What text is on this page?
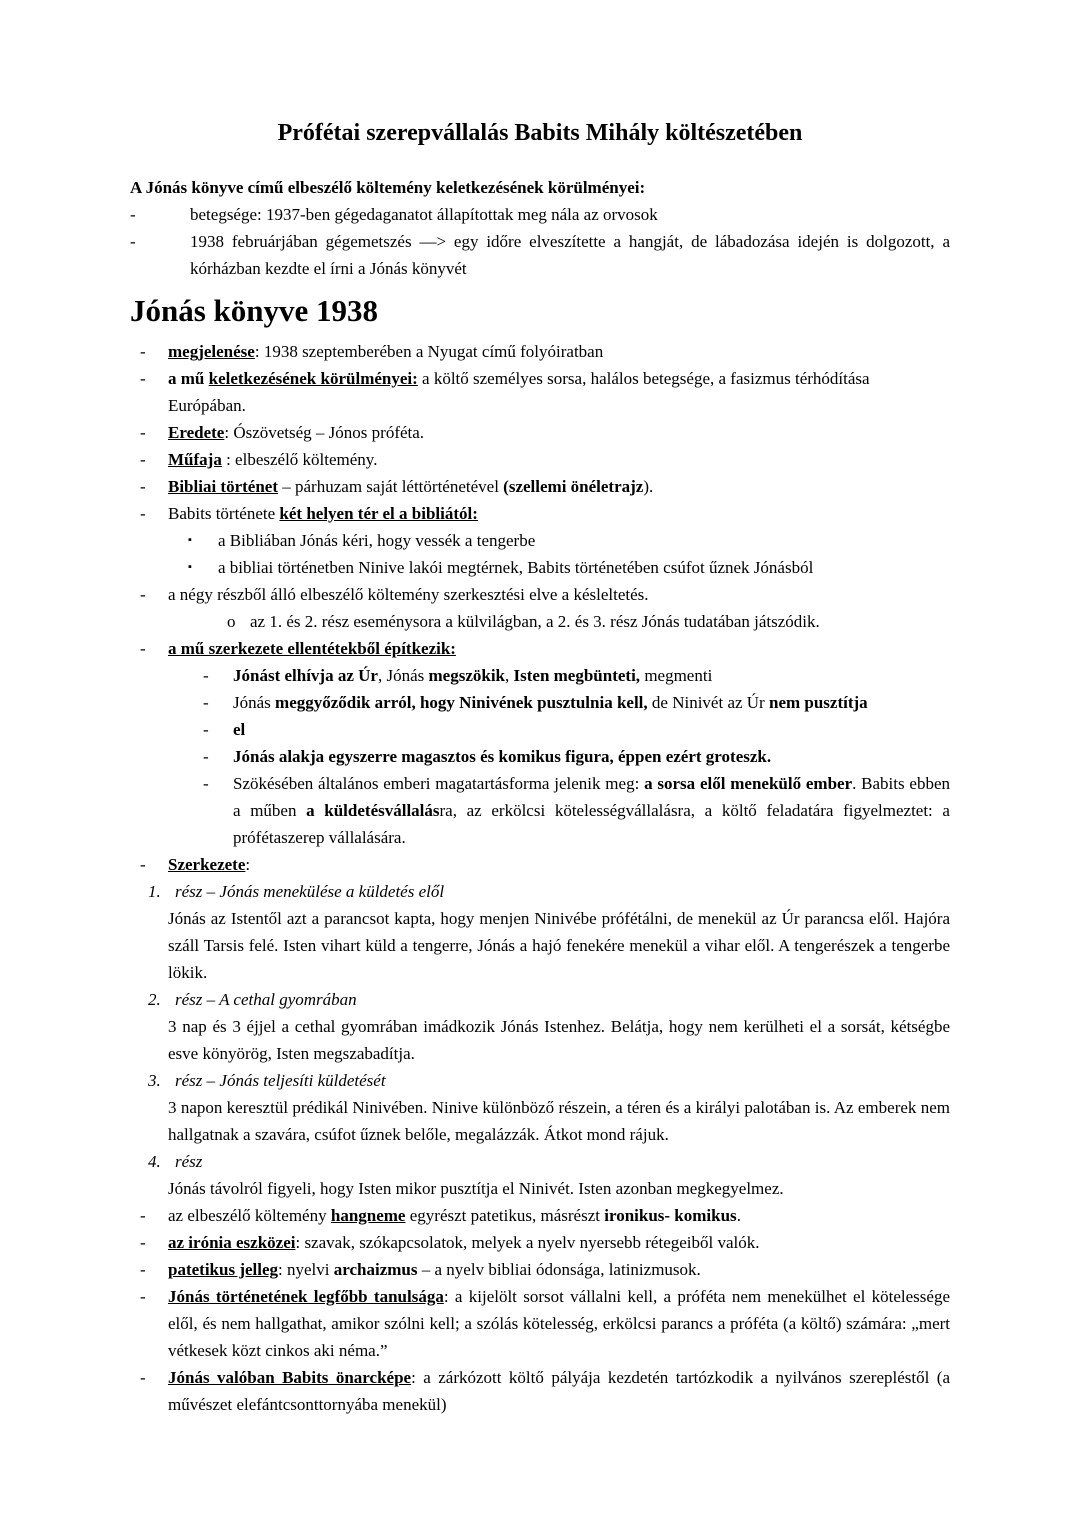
Prófétai szerepvállalás Babits Mihály költészetében
A Jónás könyve című elbeszélő költemény keletkezésének körülményei:
-	betegsége: 1937-ben gégedaganatot állapítottak meg nála az orvosok
-	1938 februárjában gégemetszés —> egy időre elveszítette a hangját, de lábadozása idején is dolgozott, a kórházban kezdte el írni a Jónás könyvét
Jónás könyve 1938
- megjelenése: 1938 szeptemberében a Nyugat című folyóiratban
- a mű keletkezésének körülményei: a költő személyes sorsa, halálos betegsége, a fasizmus térhódítása Európában.
- Eredete: Ószövetség – Jónos próféta.
- Műfaja : elbeszélő költemény.
- Bibliai történet – párhuzam saját léttörténetével (szellemi önéletrajz).
- Babits története két helyen tér el a bibliától:
▪ a Bibliában Jónás kéri, hogy vessék a tengerbe
▪ a bibliai történetben Ninive lakói megtérnek, Babits történetében csúfot űznek Jónásból
- a négy részből álló elbeszélő költemény szerkesztési elve a késleltetés.
o az 1. és 2. rész eseménysora a külvilágban, a 2. és 3. rész Jónás tudatában játszódik.
- a mű szerkezete ellentétekből építkezik:
- Jónást elhívja az Úr, Jónás megszökik, Isten megbünteti, megmenti
- Jónás meggyőződik arról, hogy Ninivének pusztulnia kell, de Ninivét az Úr nem pusztítja
- el
- Jónás alakja egyszerre magasztos és komikus figura, éppen ezért groteszk.
- Szökésében általános emberi magatartásforma jelenik meg: a sorsa elől menekülő ember. Babits ebben a műben a küldetésvállalásra, az erkölcsi kötelességvállalásra, a költő feladatára figyelmeztet: a prófétaszerep vállalására.
- Szerkezete:
1. rész – Jónás menekülése a küldetés elől
Jónás az Istentől azt a parancsot kapta, hogy menjen Ninivébe prófétálni, de menekül az Úr parancsa elől. Hajóra száll Tarsis felé. Isten vihart küld a tengerre, Jónás a hajó fenekére menekül a vihar elől. A tengerészek a tengerbe lökik.
2. rész – A cethal gyomrában
3 nap és 3 éjjel a cethal gyomrában imádkozik Jónás Istenhez. Belátja, hogy nem kerülheti el a sorsát, kétségbe esve könyörög, Isten megszabadítja.
3. rész – Jónás teljesíti küldetését
3 napon keresztül prédikál Ninivében. Ninive különböző részein, a téren és a királyi palotában is. Az emberek nem hallgatnak a szavára, csúfot űznek belőle, megalázzák. Átkot mond rájuk.
4. rész
Jónás távolról figyeli, hogy Isten mikor pusztítja el Ninivét. Isten azonban megkegyelmez.
- az elbeszélő költemény hangneme egyrészt patetikus, másrészt ironikus- komikus.
- az irónia eszközei: szavak, szókapcsolatok, melyek a nyelv nyersebb rétegeiből valók.
- patetikus jelleg: nyelvi archaizmus – a nyelv bibliai ódonsága, latinizmusok.
- Jónás történetének legfőbb tanulsága: a kijelölt sorsot vállalni kell, a próféta nem menekülhet el kötelessége elől, és nem hallgathat, amikor szólni kell; a szólás kötelesség, erkölcsi parancs a próféta (a költő) számára: „mert vétkesek közt cinkos aki néma.”
- Jónás valóban Babits önarcképe: a zárkózott költő pályája kezdetén tartózkodik a nyilvános szerepléstől (a művészet elefántcsonttornyába menekül)
